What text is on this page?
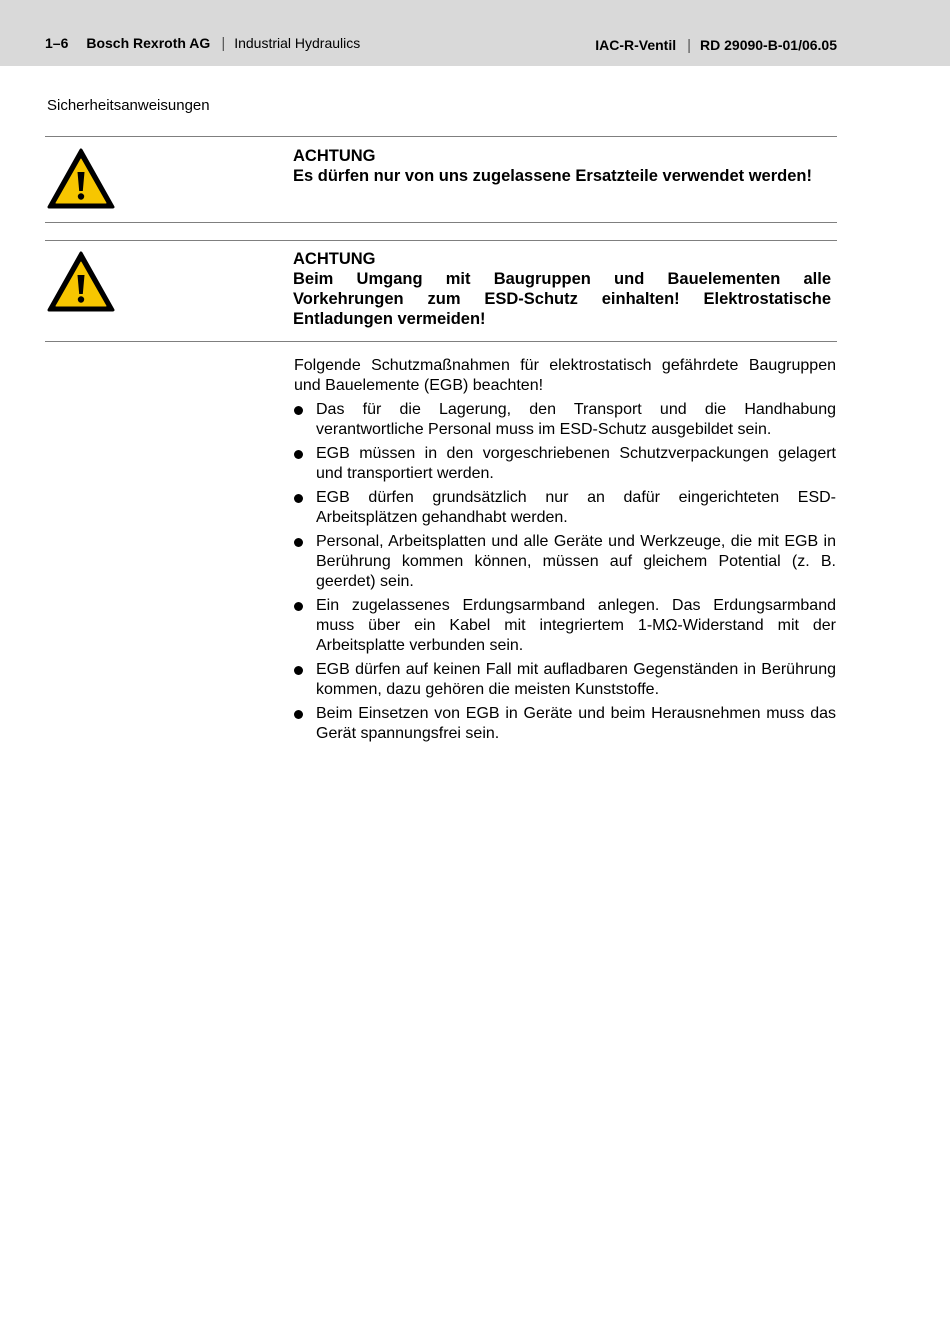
1–6 Bosch Rexroth AG | Industrial Hydraulics	IAC-R-Ventil | RD 29090-B-01/06.05
Sicherheitsanweisungen
ACHTUNG
Es dürfen nur von uns zugelassene Ersatzteile verwendet werden!
ACHTUNG
Beim Umgang mit Baugruppen und Bauelementen alle Vorkehrungen zum ESD-Schutz einhalten! Elektrostatische Entladungen vermeiden!

Folgende Schutzmaßnahmen für elektrostatisch gefährdete Baugruppen und Bauelemente (EGB) beachten!

Das für die Lagerung, den Transport und die Handhabung verantwortliche Personal muss im ESD-Schutz ausgebildet sein.
EGB müssen in den vorgeschriebenen Schutzverpackungen gelagert und transportiert werden.
EGB dürfen grundsätzlich nur an dafür eingerichteten ESD-Arbeitsplätzen gehandhabt werden.
Personal, Arbeitsplatten und alle Geräte und Werkzeuge, die mit EGB in Berührung kommen können, müssen auf gleichem Potential (z. B. geerdet) sein.
Ein zugelassenes Erdungsarmband anlegen. Das Erdungsarmband muss über ein Kabel mit integriertem 1-MΩ-Widerstand mit der Arbeitsplatte verbunden sein.
EGB dürfen auf keinen Fall mit aufladbaren Gegenständen in Berührung kommen, dazu gehören die meisten Kunststoffe.
Beim Einsetzen von EGB in Geräte und beim Herausnehmen muss das Gerät spannungsfrei sein.
